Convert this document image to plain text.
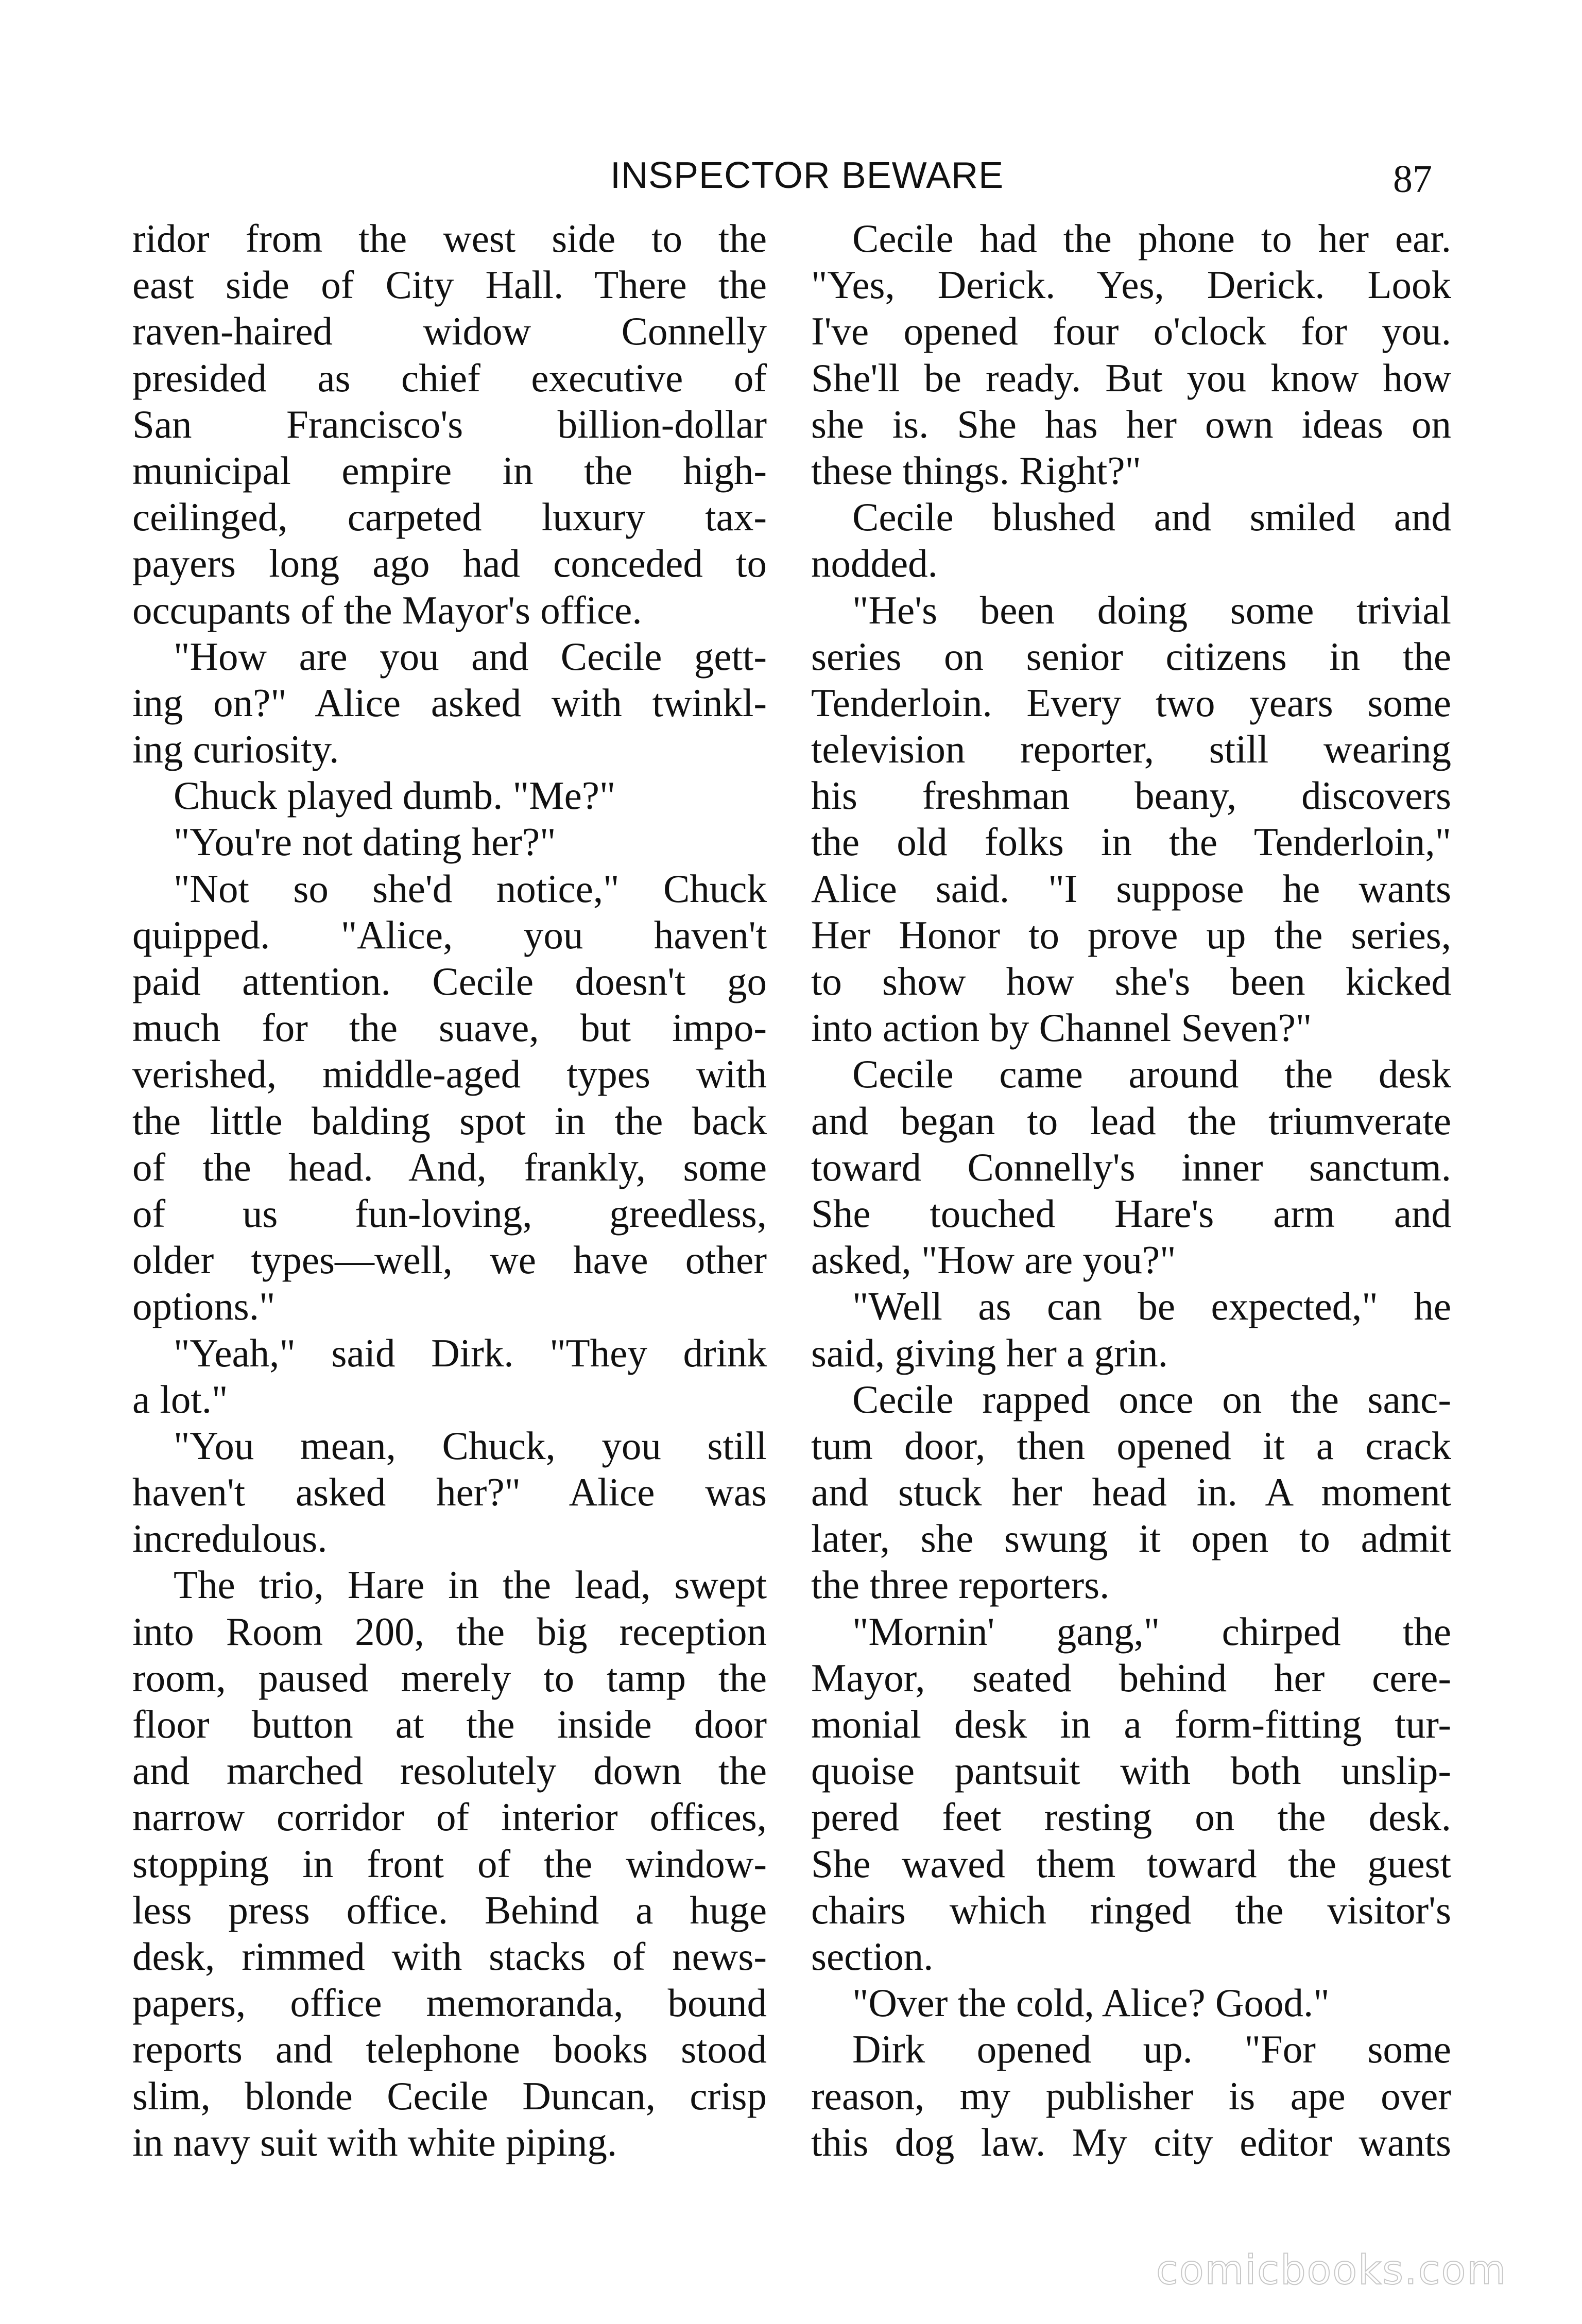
INSPECTOR BEWARE	87
ridor from the west side to the
east side of City Hall. There the
raven-haired widow Connelly
presided as chief executive of
San Francisco's billion-dollar
municipal empire in the high-
ceilinged, carpeted luxury tax-
payers long ago had conceded to
occupants of the Mayor's office.
"How are you and Cecile gett-
ing on?" Alice asked with twinkl-
ing curiosity.
Chuck played dumb. "Me?"
"You're not dating her?"
"Not so she'd notice," Chuck
quipped. "Alice, you haven't
paid attention. Cecile doesn't go
much for the suave, but impo-
verished, middle-aged types with
the little balding spot in the back
of the head. And, frankly, some
of us fun-loving, greedless,
older types—well, we have other
options."
"Yeah," said Dirk. "They drink
a lot."
"You mean, Chuck, you still
haven't asked her?" Alice was
incredulous.
The trio, Hare in the lead, swept
into Room 200, the big reception
room, paused merely to tamp the
floor button at the inside door
and marched resolutely down the
narrow corridor of interior offices,
stopping in front of the window-
less press office. Behind a huge
desk, rimmed with stacks of news-
papers, office memoranda, bound
reports and telephone books stood
slim, blonde Cecile Duncan, crisp
in navy suit with white piping.
Cecile had the phone to her ear.
"Yes, Derick. Yes, Derick. Look
I've opened four o'clock for you.
She'll be ready. But you know how
she is. She has her own ideas on
these things. Right?"
Cecile blushed and smiled and
nodded.
"He's been doing some trivial
series on senior citizens in the
Tenderloin. Every two years some
television reporter, still wearing
his freshman beany, discovers
the old folks in the Tenderloin,"
Alice said. "I suppose he wants
Her Honor to prove up the series,
to show how she's been kicked
into action by Channel Seven?"
Cecile came around the desk
and began to lead the triumverate
toward Connelly's inner sanctum.
She touched Hare's arm and
asked, "How are you?"
"Well as can be expected," he
said, giving her a grin.
Cecile rapped once on the sanc-
tum door, then opened it a crack
and stuck her head in. A moment
later, she swung it open to admit
the three reporters.
"Mornin' gang," chirped the
Mayor, seated behind her cere-
monial desk in a form-fitting tur-
quoise pantsuit with both unslip-
pered feet resting on the desk.
She waved them toward the guest
chairs which ringed the visitor's
section.
"Over the cold, Alice? Good."
Dirk opened up. "For some
reason, my publisher is ape over
this dog law. My city editor wants
comicbooks.com
